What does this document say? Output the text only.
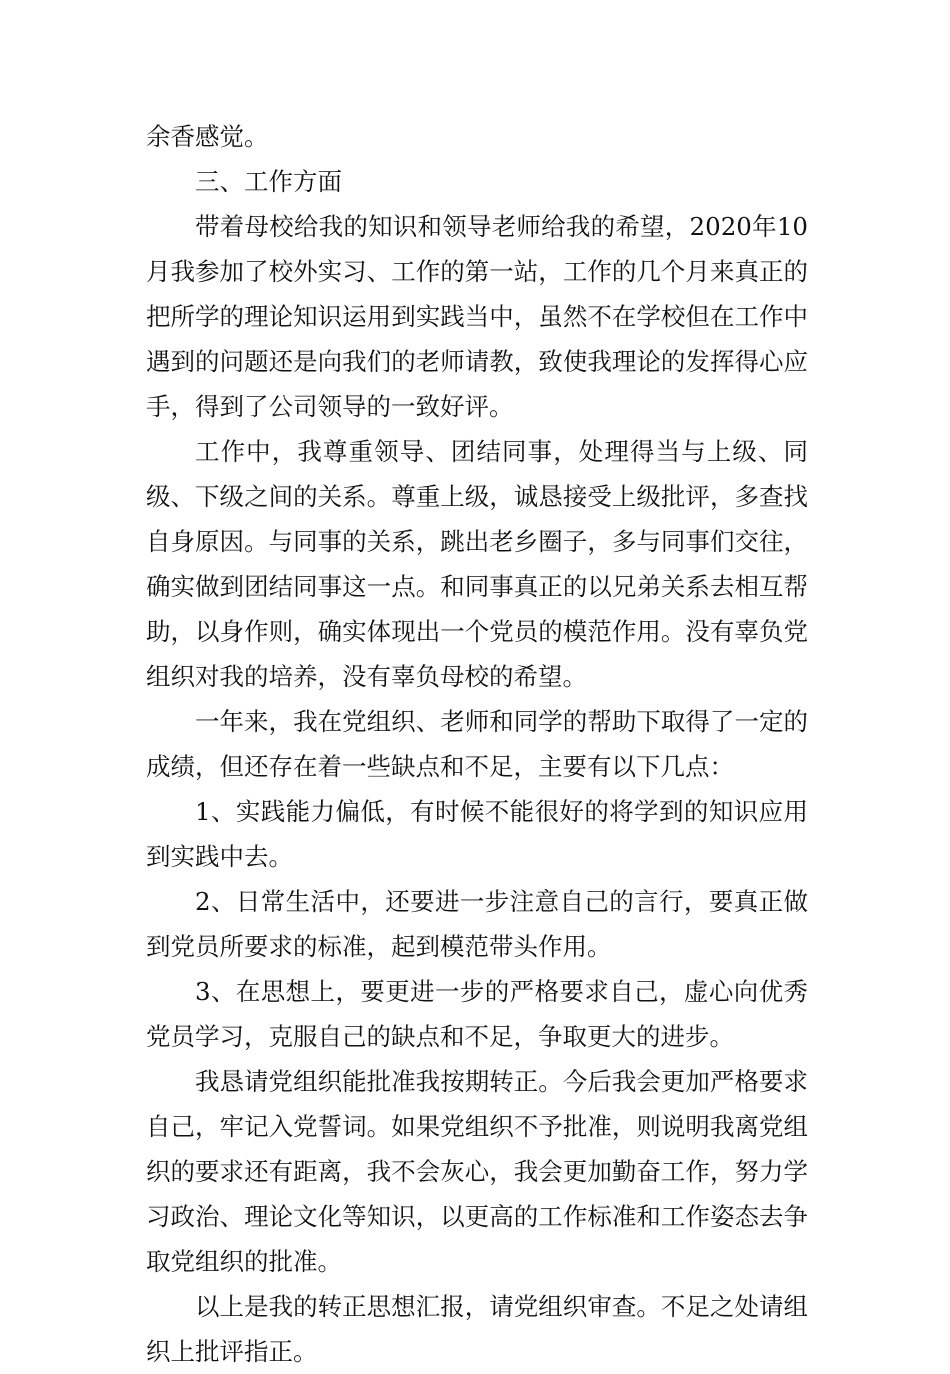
余香感觉。

三、工作方面

带着母校给我的知识和领导老师给我的希望，2020年10月我参加了校外实习、工作的第一站，工作的几个月来真正的把所学的理论知识运用到实践当中，虽然不在学校但在工作中遇到的问题还是向我们的老师请教，致使我理论的发挥得心应手，得到了公司领导的一致好评。

工作中，我尊重领导、团结同事，处理得当与上级、同级、下级之间的关系。尊重上级，诚恳接受上级批评，多查找自身原因。与同事的关系，跳出老乡圈子，多与同事们交往，确实做到团结同事这一点。和同事真正的以兄弟关系去相互帮助，以身作则，确实体现出一个党员的模范作用。没有辜负党组织对我的培养，没有辜负母校的希望。

一年来，我在党组织、老师和同学的帮助下取得了一定的成绩，但还存在着一些缺点和不足，主要有以下几点：

1、实践能力偏低，有时候不能很好的将学到的知识应用到实践中去。

2、日常生活中，还要进一步注意自己的言行，要真正做到党员所要求的标准，起到模范带头作用。

3、在思想上，要更进一步的严格要求自己，虚心向优秀党员学习，克服自己的缺点和不足，争取更大的进步。

我恳请党组织能批准我按期转正。今后我会更加严格要求自己，牢记入党誓词。如果党组织不予批准，则说明我离党组织的要求还有距离，我不会灰心，我会更加勤奋工作，努力学习政治、理论文化等知识，以更高的工作标准和工作姿态去争取党组织的批准。

以上是我的转正思想汇报，请党组织审查。不足之处请组织上批评指正。
